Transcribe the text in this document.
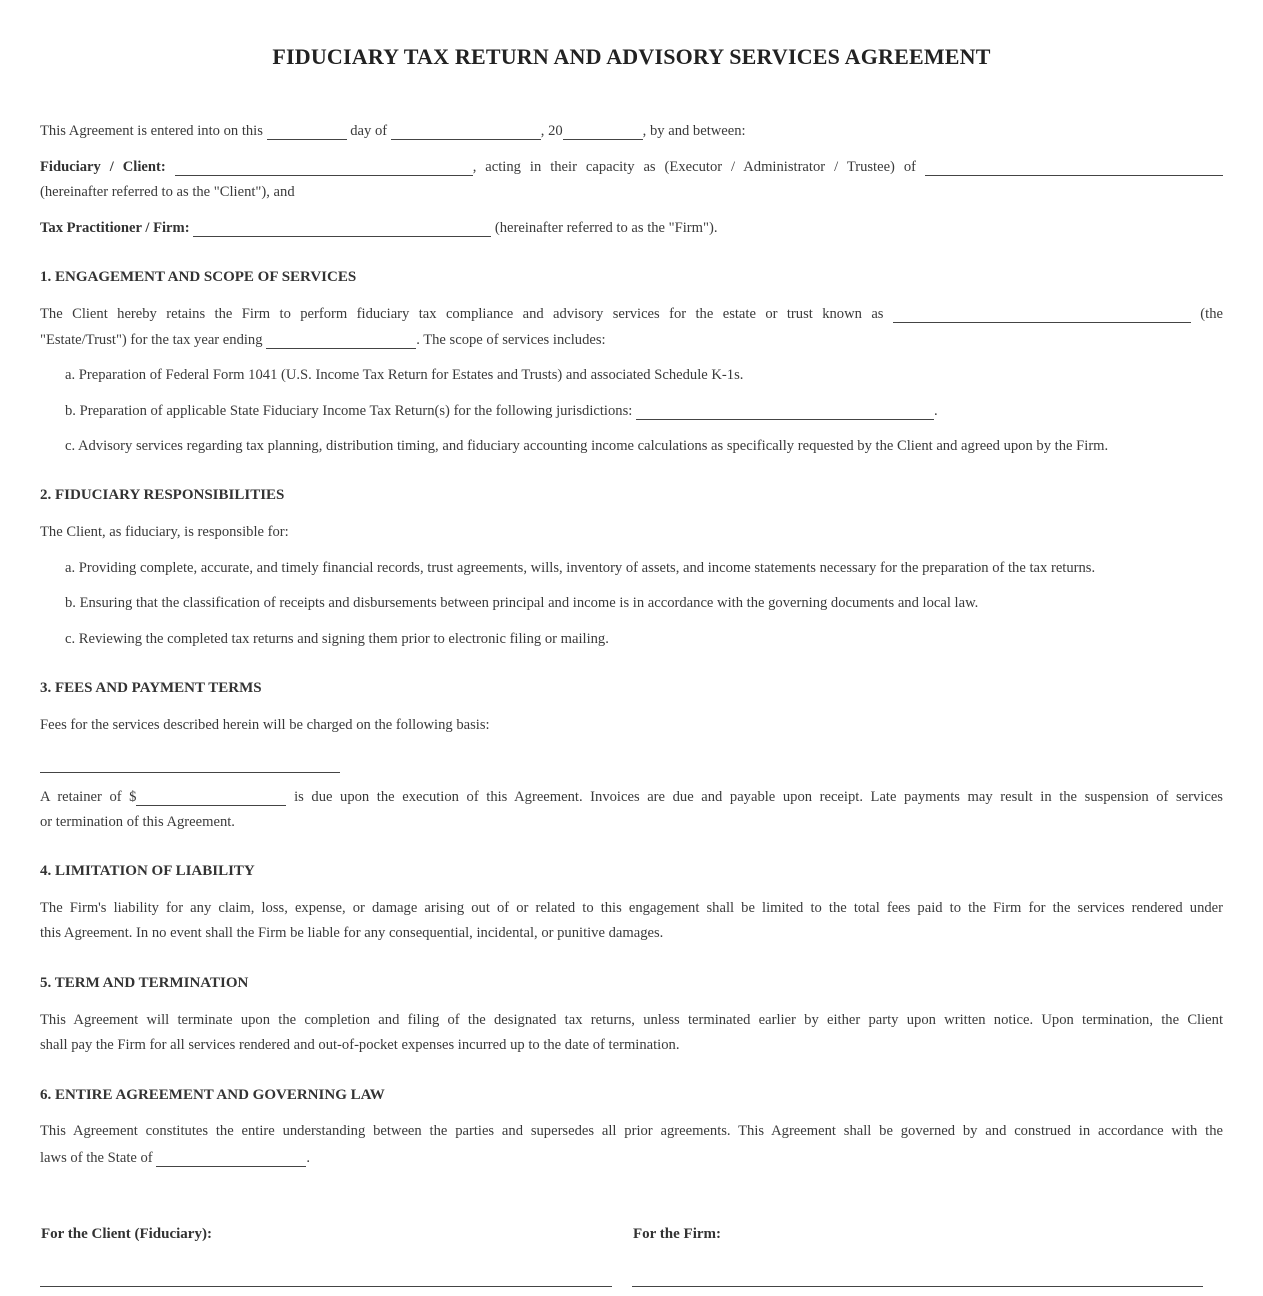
FIDUCIARY TAX RETURN AND ADVISORY SERVICES AGREEMENT
This Agreement is entered into on this	day of	, 20	, by and between:
Fiduciary / Client:	, acting in their capacity as (Executor / Administrator / Trustee) of
(hereinafter referred to as the "Client"), and
Tax Practitioner / Firm:	(hereinafter referred to as the "Firm").
1. ENGAGEMENT AND SCOPE OF SERVICES
The Client hereby retains the Firm to perform fiduciary tax compliance and advisory services for the estate or trust known as	(the
"Estate/Trust") for the tax year ending	. The scope of services includes:
a. Preparation of Federal Form 1041 (U.S. Income Tax Return for Estates and Trusts) and associated Schedule K-1s.
b. Preparation of applicable State Fiduciary Income Tax Return(s) for the following jurisdictions:	.
c. Advisory services regarding tax planning, distribution timing, and fiduciary accounting income calculations as specifically requested by the Client and agreed upon by the Firm.
2. FIDUCIARY RESPONSIBILITIES
The Client, as fiduciary, is responsible for:
a. Providing complete, accurate, and timely financial records, trust agreements, wills, inventory of assets, and income statements necessary for the preparation of the tax returns.
b. Ensuring that the classification of receipts and disbursements between principal and income is in accordance with the governing documents and local law.
c. Reviewing the completed tax returns and signing them prior to electronic filing or mailing.
3. FEES AND PAYMENT TERMS
Fees for the services described herein will be charged on the following basis:
A retainer of $	is due upon the execution of this Agreement. Invoices are due and payable upon receipt. Late payments may result in the suspension of services
or termination of this Agreement.
4. LIMITATION OF LIABILITY
The Firm's liability for any claim, loss, expense, or damage arising out of or related to this engagement shall be limited to the total fees paid to the Firm for the services rendered under
this Agreement. In no event shall the Firm be liable for any consequential, incidental, or punitive damages.
5. TERM AND TERMINATION
This Agreement will terminate upon the completion and filing of the designated tax returns, unless terminated earlier by either party upon written notice. Upon termination, the Client
shall pay the Firm for all services rendered and out-of-pocket expenses incurred up to the date of termination.
6. ENTIRE AGREEMENT AND GOVERNING LAW
This Agreement constitutes the entire understanding between the parties and supersedes all prior agreements. This Agreement shall be governed by and construed in accordance with the
laws of the State of	.
For the Client (Fiduciary):	For the Firm:
